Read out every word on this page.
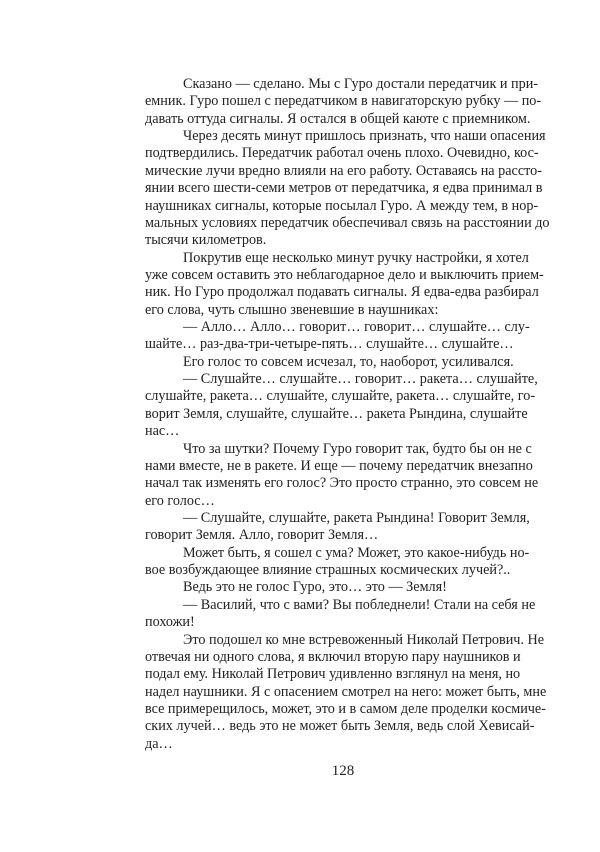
Сказано — сделано. Мы с Гуро достали передатчик и при-
емник. Гуро пошел с передатчиком в навигаторскую рубку — по-
давать оттуда сигналы. Я остался в общей каюте с приемником.
Через десять минут пришлось признать, что наши опасения
подтвердились. Передатчик работал очень плохо. Очевидно, кос-
мические лучи вредно влияли на его работу. Оставаясь на рассто-
янии всего шести-семи метров от передатчика, я едва принимал в
наушниках сигналы, которые посылал Гуро. А между тем, в нор-
мальных условиях передатчик обеспечивал связь на расстоянии до
тысячи километров.
Покрутив еще несколько минут ручку настройки, я хотел
уже совсем оставить это неблагодарное дело и выключить прием-
ник. Но Гуро продолжал подавать сигналы. Я едва-едва разбирал
его слова, чуть слышно звеневшие в наушниках:
— Алло… Алло… говорит… говорит… слушайте… слу-
шайте… раз-два-три-четыре-пять… слушайте… слушайте…
Его голос то совсем исчезал, то, наоборот, усиливался.
— Слушайте… слушайте… говорит… ракета… слушайте,
слушайте, ракета… слушайте, слушайте, ракета… слушайте, го-
ворит Земля, слушайте, слушайте… ракета Рындина, слушайте
нас…
Что за шутки? Почему Гуро говорит так, будто бы он не с
нами вместе, не в ракете. И еще — почему передатчик внезапно
начал так изменять его голос? Это просто странно, это совсем не
его голос…
— Слушайте, слушайте, ракета Рындина! Говорит Земля,
говорит Земля. Алло, говорит Земля…
Может быть, я сошел с ума? Может, это какое-нибудь но-
вое возбуждающее влияние страшных космических лучей?..
Ведь это не голос Гуро, это… это — Земля!
— Василий, что с вами? Вы побледнели! Стали на себя не
похожи!
Это подошел ко мне встревоженный Николай Петрович. Не
отвечая ни одного слова, я включил вторую пару наушников и
подал ему. Николай Петрович удивленно взглянул на меня, но
надел наушники. Я с опасением смотрел на него: может быть, мне
все примерещилось, может, это и в самом деле проделки космиче-
ских лучей… ведь это не может быть Земля, ведь слой Хевисай-
да…
128
